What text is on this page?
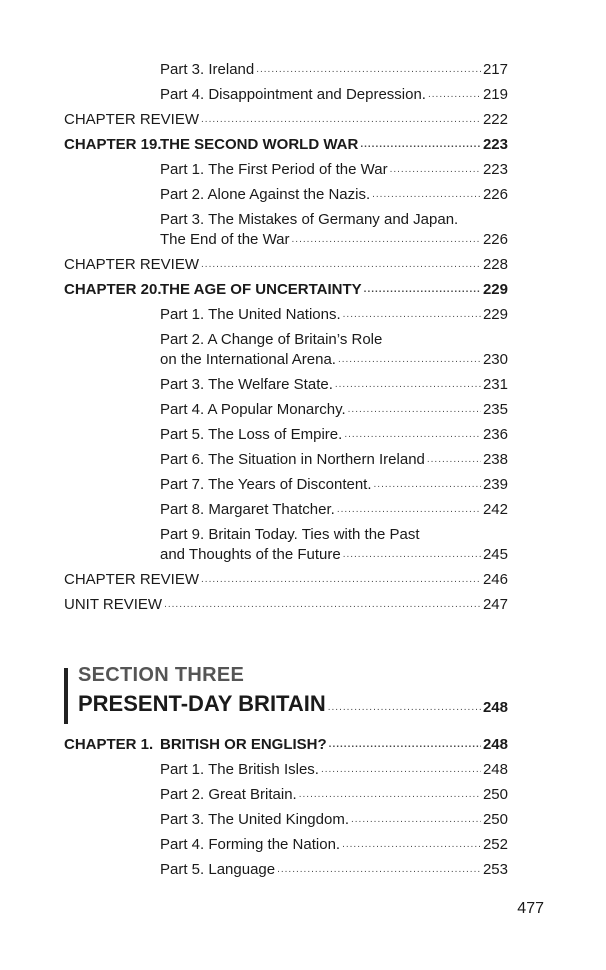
Part 3. Ireland .....	217
Part 4. Disappointment and Depression. .....	219
CHAPTER REVIEW .....	222
CHAPTER 19.THE SECOND WORLD WAR .....	223
Part 1. The First Period of the War .....	223
Part 2. Alone Against the Nazis. .....	226
Part 3. The Mistakes of Germany and Japan.
The End of the War .....	226
CHAPTER REVIEW .....	228
CHAPTER 20.THE AGE OF UNCERTAINTY .....	229
Part 1. The United Nations. .....	229
Part 2. A Change of Britain’s Role
on the International Arena. .....	230
Part 3. The Welfare State. .....	231
Part 4. A Popular Monarchy. .....	235
Part 5. The Loss of Empire. .....	236
Part 6. The Situation in Northern Ireland .....	238
Part 7. The Years of Discontent. .....	239
Part 8. Margaret Thatcher. .....	242
Part 9. Britain Today. Ties with the Past
and Thoughts of the Future .....	245
CHAPTER REVIEW .....	246
UNIT REVIEW .....	247
SECTION THREE
PRESENT-DAY BRITAIN .....	248
CHAPTER 1. BRITISH OR ENGLISH? .....	248
Part 1. The British Isles. .....	248
Part 2. Great Britain. .....	250
Part 3. The United Kingdom. .....	250
Part 4. Forming the Nation. .....	252
Part 5. Language .....	253
477
